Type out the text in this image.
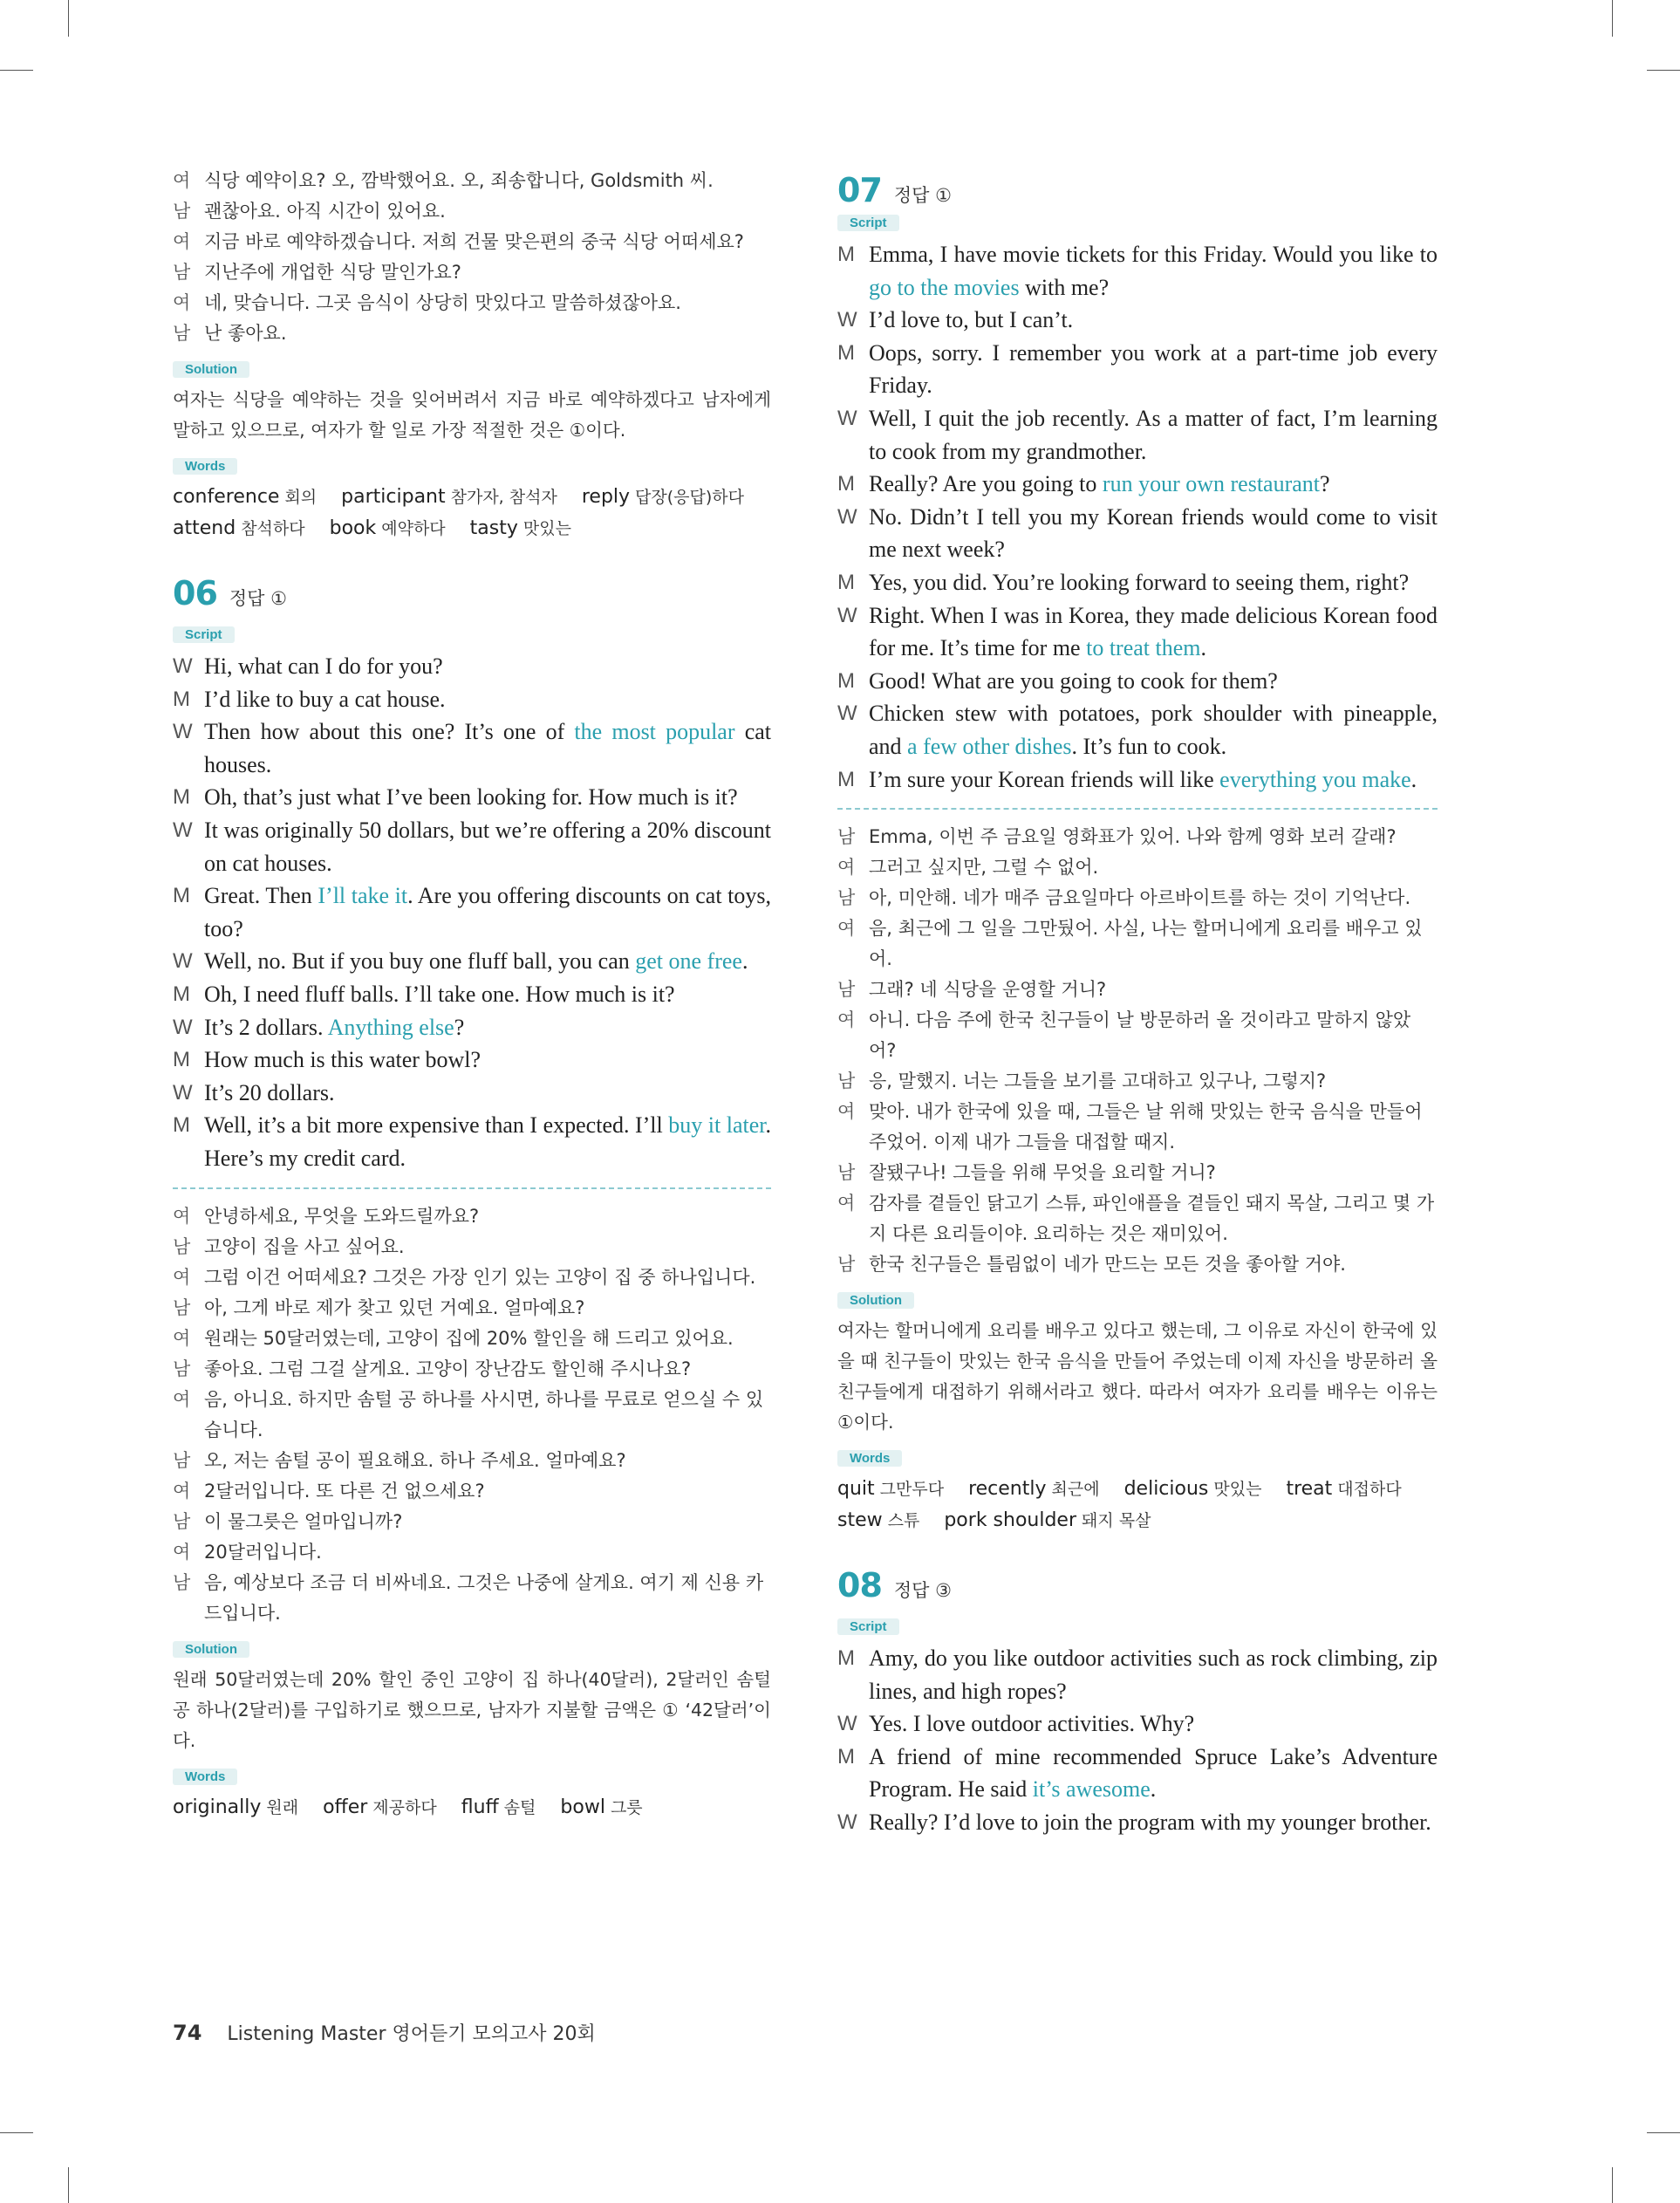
여 식당 예약이요? 오, 깜박했어요. 오, 죄송합니다, Goldsmith 씨.
남 괜찮아요. 아직 시간이 있어요.
여 지금 바로 예약하겠습니다. 저희 건물 맞은편의 중국 식당 어떠세요?
남 지난주에 개업한 식당 말인가요?
여 네, 맞습니다. 그곳 음식이 상당히 맛있다고 말씀하셨잖아요.
남 난 좋아요.
Solution
여자는 식당을 예약하는 것을 잊어버려서 지금 바로 예약하겠다고 남자에게 말하고 있으므로, 여자가 할 일로 가장 적절한 것은 ①이다.
Words
conference 회의 participant 참가자, 참석자 reply 답장(응답)하다
attend 참석하다 book 예약하다 tasty 맛있는
06 정답 ①
Script
W Hi, what can I do for you?
M I’d like to buy a cat house.
W Then how about this one? It’s one of the most popular cat houses.
M Oh, that’s just what I’ve been looking for. How much is it?
W It was originally 50 dollars, but we’re offering a 20% discount on cat houses.
M Great. Then I’ll take it. Are you offering discounts on cat toys, too?
W Well, no. But if you buy one fluff ball, you can get one free.
M Oh, I need fluff balls. I’ll take one. How much is it?
W It’s 2 dollars. Anything else?
M How much is this water bowl?
W It’s 20 dollars.
M Well, it’s a bit more expensive than I expected. I’ll buy it later. Here’s my credit card.
여 안녕하세요, 무엇을 도와드릴까요?
남 고양이 집을 사고 싶어요.
여 그럼 이건 어떠세요? 그것은 가장 인기 있는 고양이 집 중 하나입니다.
남 아, 그게 바로 제가 찾고 있던 거예요. 얼마예요?
여 원래는 50달러였는데, 고양이 집에 20% 할인을 해 드리고 있어요.
남 좋아요. 그럼 그걸 살게요. 고양이 장난감도 할인해 주시나요?
여 음, 아니요. 하지만 솜털 공 하나를 사시면, 하나를 무료로 얻으실 수 있습니다.
남 오, 저는 솜털 공이 필요해요. 하나 주세요. 얼마예요?
여 2달러입니다. 또 다른 건 없으세요?
남 이 물그릇은 얼마입니까?
여 20달러입니다.
남 음, 예상보다 조금 더 비싸네요. 그것은 나중에 살게요. 여기 제 신용 카드입니다.
Solution
원래 50달러였는데 20% 할인 중인 고양이 집 하나(40달러), 2달러인 솜털 공 하나(2달러)를 구입하기로 했으므로, 남자가 지불할 금액은 ① ‘42달러’이다.
Words
originally 원래 offer 제공하다 fluff 솜털 bowl 그릇
07 정답 ①
Script
M Emma, I have movie tickets for this Friday. Would you like to go to the movies with me?
W I’d love to, but I can’t.
M Oops, sorry. I remember you work at a part-time job every Friday.
W Well, I quit the job recently. As a matter of fact, I’m learning to cook from my grandmother.
M Really? Are you going to run your own restaurant?
W No. Didn’t I tell you my Korean friends would come to visit me next week?
M Yes, you did. You’re looking forward to seeing them, right?
W Right. When I was in Korea, they made delicious Korean food for me. It’s time for me to treat them.
M Good! What are you going to cook for them?
W Chicken stew with potatoes, pork shoulder with pineapple, and a few other dishes. It’s fun to cook.
M I’m sure your Korean friends will like everything you make.
남 Emma, 이번 주 금요일 영화표가 있어. 나와 함께 영화 보러 갈래?
여 그러고 싶지만, 그럴 수 없어.
남 아, 미안해. 네가 매주 금요일마다 아르바이트를 하는 것이 기억난다.
여 음, 최근에 그 일을 그만뒀어. 사실, 나는 할머니에게 요리를 배우고 있어.
남 그래? 네 식당을 운영할 거니?
여 아니. 다음 주에 한국 친구들이 날 방문하러 올 것이라고 말하지 않았어?
남 응, 말했지. 너는 그들을 보기를 고대하고 있구나, 그렇지?
여 맞아. 내가 한국에 있을 때, 그들은 날 위해 맛있는 한국 음식을 만들어 주었어. 이제 내가 그들을 대접할 때지.
남 잘됐구나! 그들을 위해 무엇을 요리할 거니?
여 감자를 곁들인 닭고기 스튜, 파인애플을 곁들인 돼지 목살, 그리고 몇 가지 다른 요리들이야. 요리하는 것은 재미있어.
남 한국 친구들은 틀림없이 네가 만드는 모든 것을 좋아할 거야.
Solution
여자는 할머니에게 요리를 배우고 있다고 했는데, 그 이유로 자신이 한국에 있을 때 친구들이 맛있는 한국 음식을 만들어 주었는데 이제 자신을 방문하러 올 친구들에게 대접하기 위해서라고 했다. 따라서 여자가 요리를 배우는 이유는 ①이다.
Words
quit 그만두다 recently 최근에 delicious 맛있는 treat 대접하다
stew 스튜 pork shoulder 돼지 목살
08 정답 ③
Script
M Amy, do you like outdoor activities such as rock climbing, zip lines, and high ropes?
W Yes. I love outdoor activities. Why?
M A friend of mine recommended Spruce Lake’s Adventure Program. He said it’s awesome.
W Really? I’d love to join the program with my younger brother.
74 Listening Master 영어듣기 모의고사 20회
